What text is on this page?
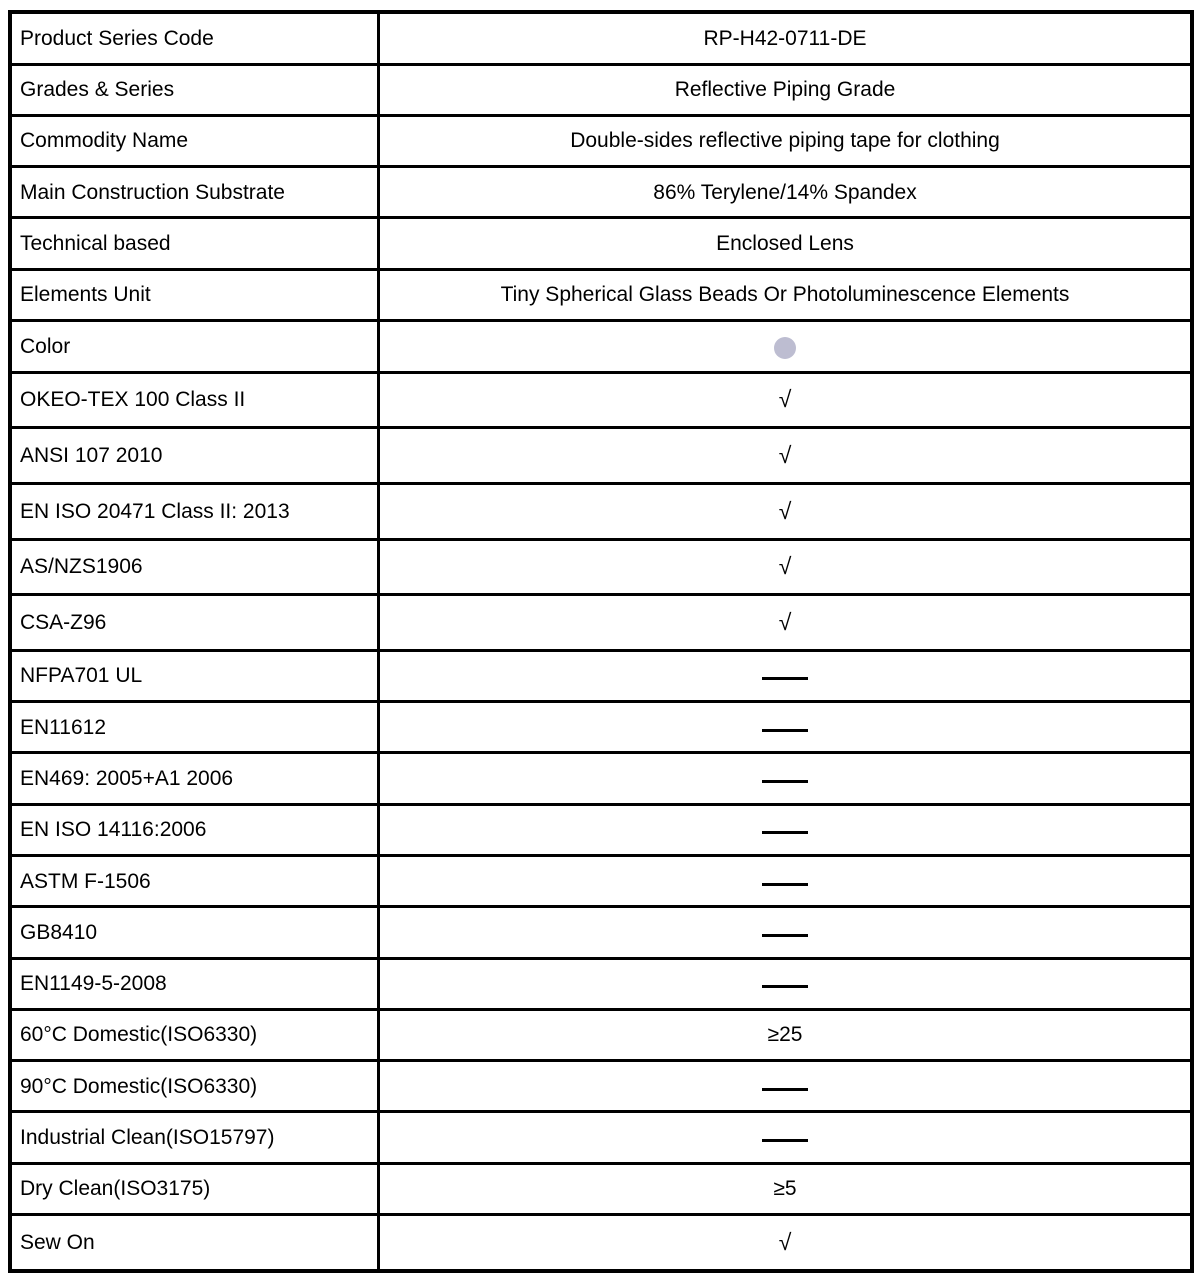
Product Series Code	RP-H42-0711-DE
Grades & Series	Reflective Piping Grade
Commodity Name	Double-sides reflective piping tape for clothing
Main Construction Substrate	86% Terylene/14% Spandex
Technical based	Enclosed Lens
Elements Unit	Tiny Spherical Glass Beads Or Photoluminescence Elements
Color	
OKEO-TEX 100 Class II	√
ANSI 107 2010	√
EN ISO 20471 Class II: 2013	√
AS/NZS1906	√
CSA-Z96	√
NFPA701 UL	
EN11612	
EN469: 2005+A1 2006	
EN ISO 14116:2006	
ASTM F-1506	
GB8410	
EN1149-5-2008	
60°C Domestic(ISO6330)	≥25
90°C Domestic(ISO6330)	
Industrial Clean(ISO15797)	
Dry Clean(ISO3175)	≥5
Sew On	√
